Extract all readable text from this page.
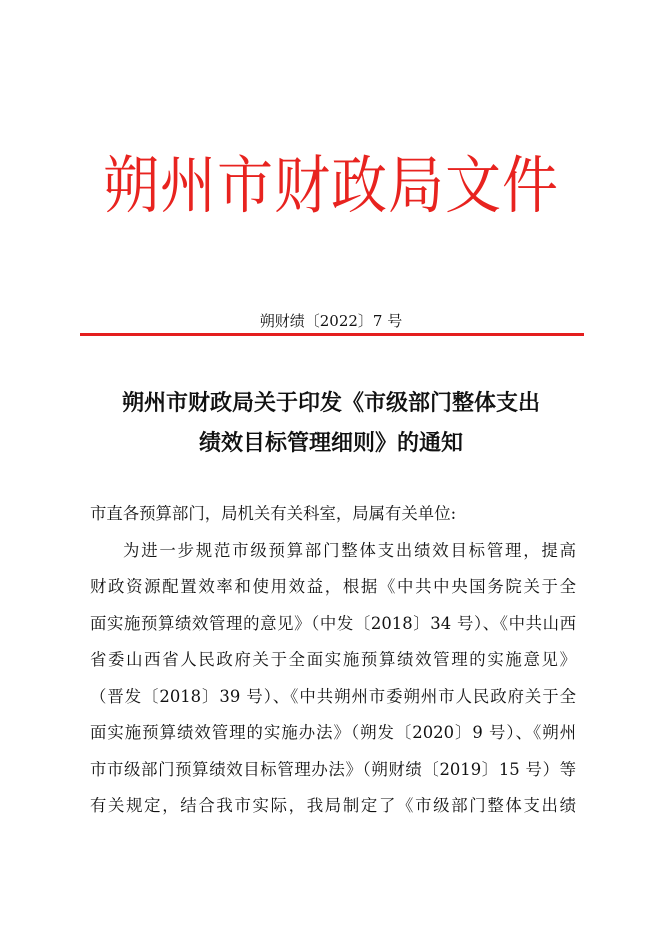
朔州市财政局文件
朔财绩〔2022〕7 号
朔州市财政局关于印发《市级部门整体支出
绩效目标管理细则》的通知
市直各预算部门，局机关有关科室，局属有关单位:
为进一步规范市级预算部门整体支出绩效目标管理，提高
财政资源配置效率和使用效益，根据《中共中央国务院关于全
面实施预算绩效管理的意见》（中发〔2018〕34 号）、《中共山西
省委山西省人民政府关于全面实施预算绩效管理的实施意见》
（晋发〔2018〕39 号）、《中共朔州市委朔州市人民政府关于全
面实施预算绩效管理的实施办法》（朔发〔2020〕9 号）、《朔州
市市级部门预算绩效目标管理办法》（朔财绩〔2019〕15 号）等
有关规定，结合我市实际，我局制定了《市级部门整体支出绩
